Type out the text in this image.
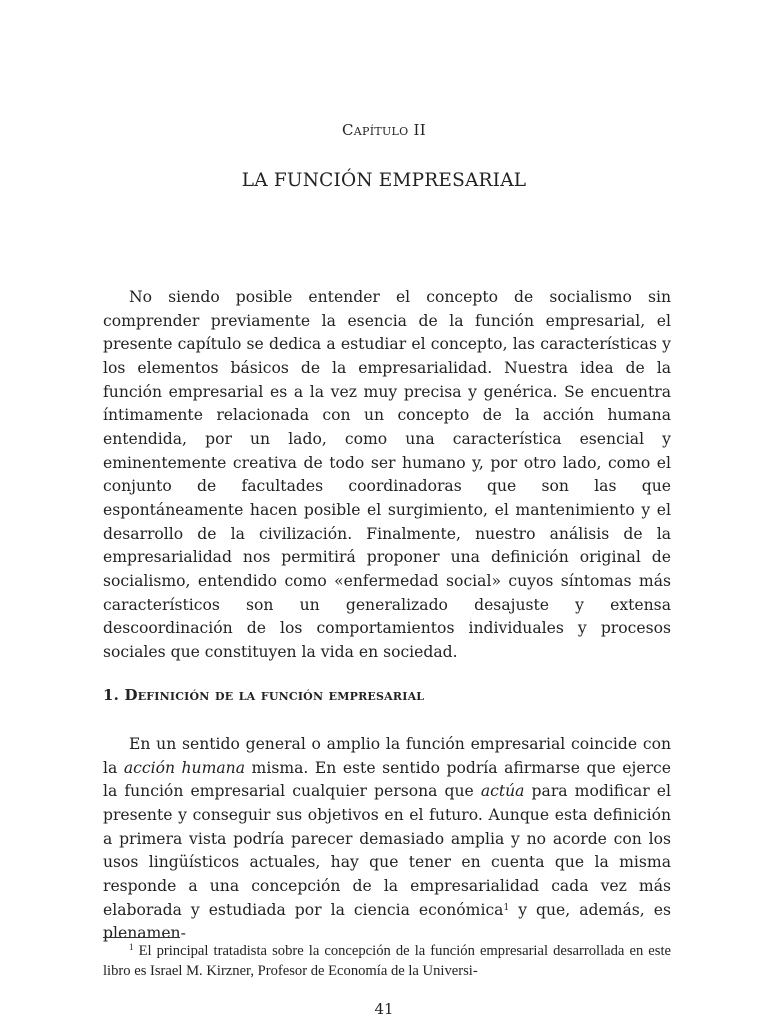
Capítulo II
LA FUNCIÓN EMPRESARIAL

No siendo posible entender el concepto de socialismo sin comprender previamente la esencia de la función empresarial, el presente capítulo se dedica a estudiar el concepto, las características y los elementos básicos de la empresarialidad. Nuestra idea de la función empresarial es a la vez muy precisa y genérica. Se encuentra íntimamente relacionada con un concepto de la acción humana entendida, por un lado, como una característica esencial y eminentemente creativa de todo ser humano y, por otro lado, como el conjunto de facultades coordinadoras que son las que espontáneamente hacen posible el surgimiento, el mantenimiento y el desarrollo de la civilización. Finalmente, nuestro análisis de la empresarialidad nos permitirá proponer una definición original de socialismo, entendido como «enfermedad social» cuyos síntomas más característicos son un generalizado desajuste y extensa descoordinación de los comportamientos individuales y procesos sociales que constituyen la vida en sociedad.

1. Definición de la función empresarial

En un sentido general o amplio la función empresarial coincide con la acción humana misma. En este sentido podría afirmarse que ejerce la función empresarial cualquier persona que actúa para modificar el presente y conseguir sus objetivos en el futuro. Aunque esta definición a primera vista podría parecer demasiado amplia y no acorde con los usos lingüísticos actuales, hay que tener en cuenta que la misma responde a una concepción de la empresarialidad cada vez más elaborada y estudiada por la ciencia económica$^1$ y que, además, es plenamen-

$^1$ El principal tratadista sobre la concepción de la función empresarial desarrollada en este libro es Israel M. Kirzner, Profesor de Economía de la Universi-

41
